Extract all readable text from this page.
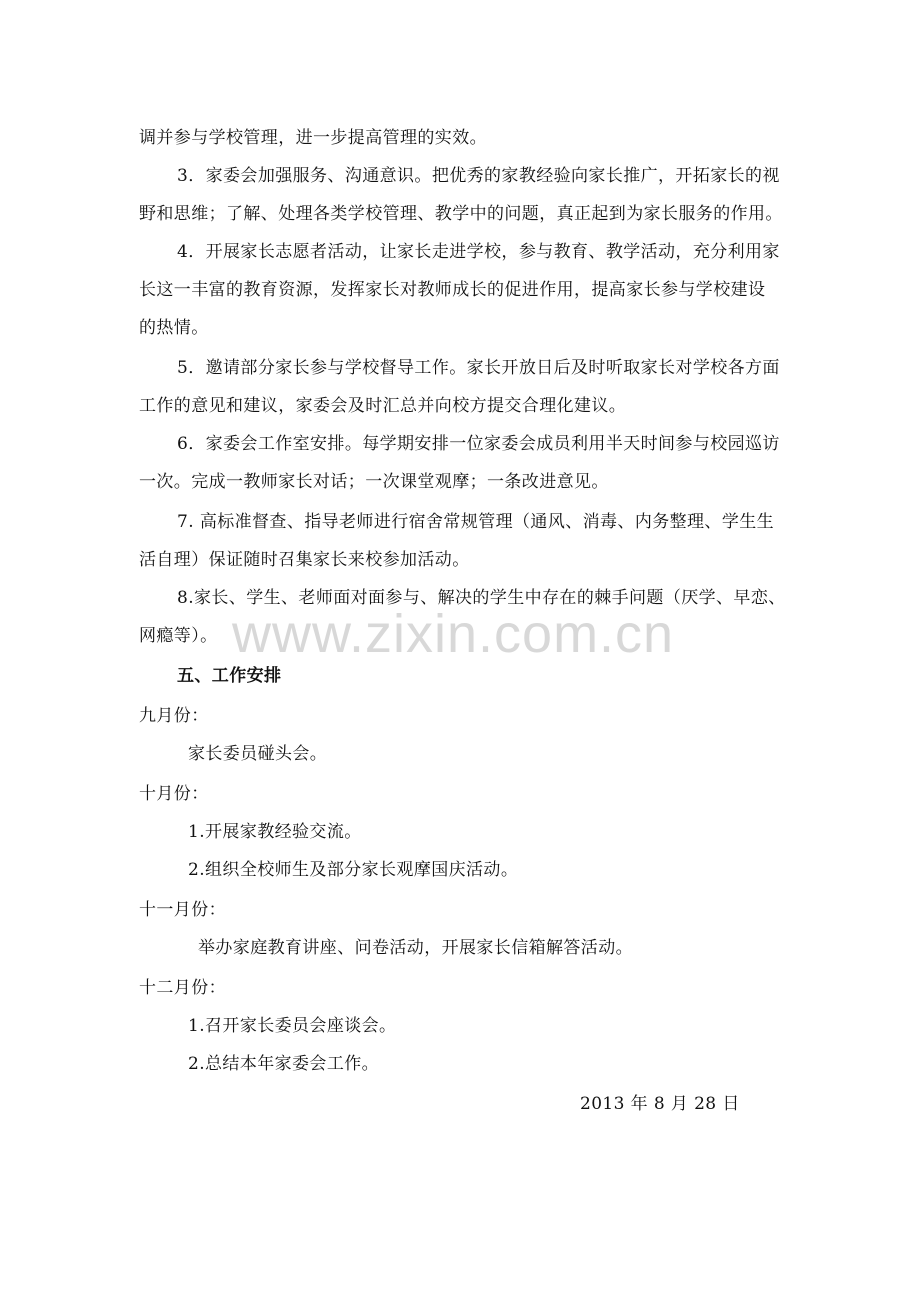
www.zixin.com.cn
调并参与学校管理，进一步提高管理的实效。
3．家委会加强服务、沟通意识。把优秀的家教经验向家长推广，开拓家长的视
野和思维；了解、处理各类学校管理、教学中的问题，真正起到为家长服务的作用。
4．开展家长志愿者活动，让家长走进学校，参与教育、教学活动，充分利用家
长这一丰富的教育资源，发挥家长对教师成长的促进作用，提高家长参与学校建设
的热情。
5．邀请部分家长参与学校督导工作。家长开放日后及时听取家长对学校各方面
工作的意见和建议，家委会及时汇总并向校方提交合理化建议。
6．家委会工作室安排。每学期安排一位家委会成员利用半天时间参与校园巡访
一次。完成一教师家长对话；一次课堂观摩；一条改进意见。
7. 高标准督查、指导老师进行宿舍常规管理（通风、消毒、内务整理、学生生
活自理）保证随时召集家长来校参加活动。
8.家长、学生、老师面对面参与、解决的学生中存在的棘手问题（厌学、早恋、
网瘾等）。
五、工作安排
九月份：
家长委员碰头会。
十月份：
1.开展家教经验交流。
2.组织全校师生及部分家长观摩国庆活动。
十一月份：
举办家庭教育讲座、问卷活动，开展家长信箱解答活动。
十二月份：
1.召开家长委员会座谈会。
2.总结本年家委会工作。
2013 年 8 月 28 日
